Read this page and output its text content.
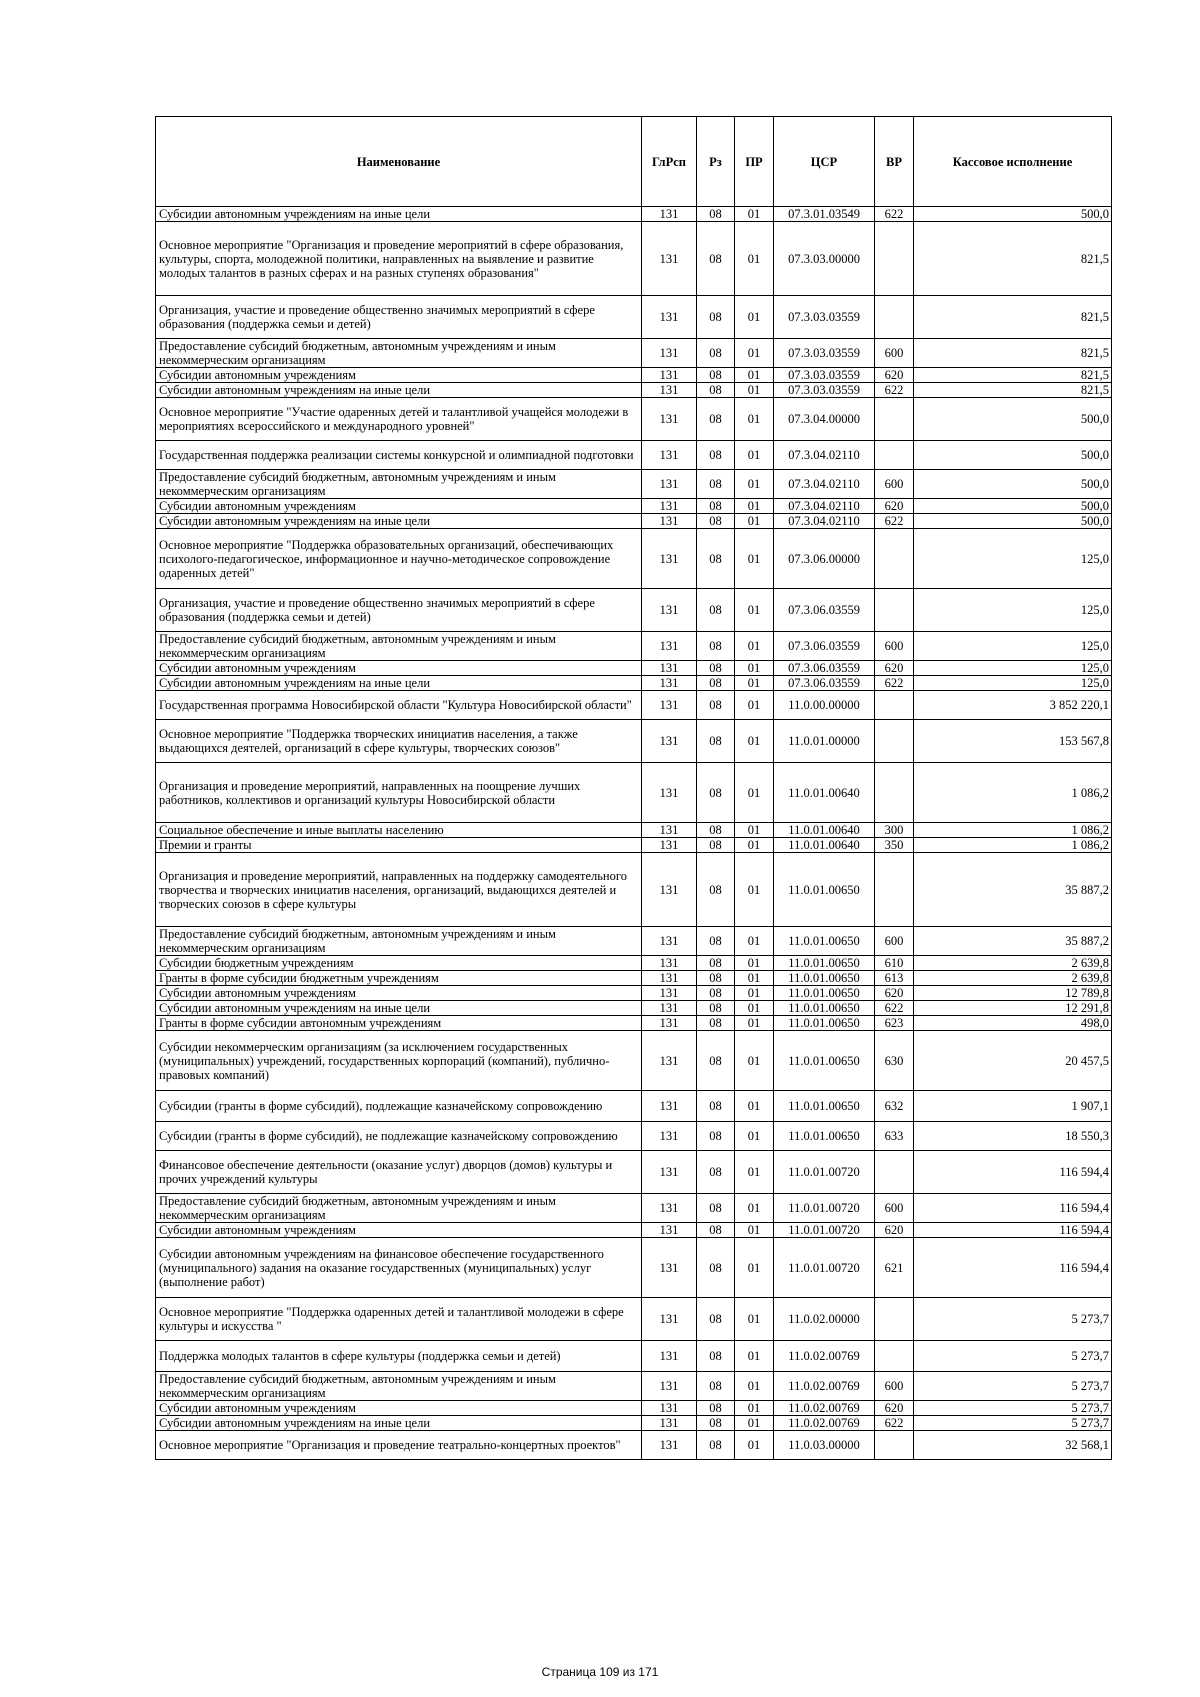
Наименование	ГлРсп	Рз	ПР	ЦСР	ВР	Кассовое исполнение
Субсидии автономным учреждениям на иные цели	131	08	01	07.3.01.03549	622	500,0
Основное мероприятие "Организация и проведение мероприятий в сфере образования, культуры, спорта, молодежной политики, направленных на выявление и развитие молодых талантов в разных сферах и на разных ступенях образования"	131	08	01	07.3.03.00000		821,5
Организация, участие и проведение общественно значимых мероприятий в сфере образования (поддержка семьи и детей)	131	08	01	07.3.03.03559		821,5
Предоставление субсидий бюджетным, автономным учреждениям и иным некоммерческим организациям	131	08	01	07.3.03.03559	600	821,5
Субсидии автономным учреждениям	131	08	01	07.3.03.03559	620	821,5
Субсидии автономным учреждениям на иные цели	131	08	01	07.3.03.03559	622	821,5
Основное мероприятие "Участие одаренных детей и талантливой учащейся молодежи в мероприятиях всероссийского и международного уровней"	131	08	01	07.3.04.00000		500,0
Государственная поддержка реализации системы конкурсной и олимпиадной подготовки	131	08	01	07.3.04.02110		500,0
Предоставление субсидий бюджетным, автономным учреждениям и иным некоммерческим организациям	131	08	01	07.3.04.02110	600	500,0
Субсидии автономным учреждениям	131	08	01	07.3.04.02110	620	500,0
Субсидии автономным учреждениям на иные цели	131	08	01	07.3.04.02110	622	500,0
Основное мероприятие "Поддержка образовательных организаций, обеспечивающих психолого-педагогическое, информационное и научно-методическое сопровождение одаренных детей"	131	08	01	07.3.06.00000		125,0
Организация, участие и проведение общественно значимых мероприятий в сфере образования (поддержка семьи и детей)	131	08	01	07.3.06.03559		125,0
Предоставление субсидий бюджетным, автономным учреждениям и иным некоммерческим организациям	131	08	01	07.3.06.03559	600	125,0
Субсидии автономным учреждениям	131	08	01	07.3.06.03559	620	125,0
Субсидии автономным учреждениям на иные цели	131	08	01	07.3.06.03559	622	125,0
Государственная программа Новосибирской области "Культура Новосибирской области"	131	08	01	11.0.00.00000		3 852 220,1
Основное мероприятие "Поддержка творческих инициатив населения, а также выдающихся деятелей, организаций в сфере культуры, творческих союзов"	131	08	01	11.0.01.00000		153 567,8
Организация и проведение мероприятий, направленных на поощрение лучших работников, коллективов и организаций культуры Новосибирской области	131	08	01	11.0.01.00640		1 086,2
Социальное обеспечение и иные выплаты населению	131	08	01	11.0.01.00640	300	1 086,2
Премии и гранты	131	08	01	11.0.01.00640	350	1 086,2
Организация и проведение мероприятий, направленных на поддержку самодеятельного творчества и творческих инициатив населения, организаций, выдающихся деятелей и творческих союзов в сфере культуры	131	08	01	11.0.01.00650		35 887,2
Предоставление субсидий бюджетным, автономным учреждениям и иным некоммерческим организациям	131	08	01	11.0.01.00650	600	35 887,2
Субсидии бюджетным учреждениям	131	08	01	11.0.01.00650	610	2 639,8
Гранты в форме субсидии бюджетным учреждениям	131	08	01	11.0.01.00650	613	2 639,8
Субсидии автономным учреждениям	131	08	01	11.0.01.00650	620	12 789,8
Субсидии автономным учреждениям на иные цели	131	08	01	11.0.01.00650	622	12 291,8
Гранты в форме субсидии автономным учреждениям	131	08	01	11.0.01.00650	623	498,0
Субсидии некоммерческим организациям (за исключением государственных (муниципальных) учреждений, государственных корпораций (компаний), публично-правовых компаний)	131	08	01	11.0.01.00650	630	20 457,5
Субсидии (гранты в форме субсидий), подлежащие казначейскому сопровождению	131	08	01	11.0.01.00650	632	1 907,1
Субсидии (гранты в форме субсидий), не подлежащие казначейскому сопровождению	131	08	01	11.0.01.00650	633	18 550,3
Финансовое обеспечение деятельности (оказание услуг) дворцов (домов) культуры и прочих учреждений культуры	131	08	01	11.0.01.00720		116 594,4
Предоставление субсидий бюджетным, автономным учреждениям и иным некоммерческим организациям	131	08	01	11.0.01.00720	600	116 594,4
Субсидии автономным учреждениям	131	08	01	11.0.01.00720	620	116 594,4
Субсидии автономным учреждениям на финансовое обеспечение государственного (муниципального) задания на оказание государственных (муниципальных) услуг (выполнение работ)	131	08	01	11.0.01.00720	621	116 594,4
Основное мероприятие "Поддержка одаренных детей и талантливой молодежи в сфере культуры и искусства "	131	08	01	11.0.02.00000		5 273,7
Поддержка молодых талантов в сфере культуры (поддержка семьи и детей)	131	08	01	11.0.02.00769		5 273,7
Предоставление субсидий бюджетным, автономным учреждениям и иным некоммерческим организациям	131	08	01	11.0.02.00769	600	5 273,7
Субсидии автономным учреждениям	131	08	01	11.0.02.00769	620	5 273,7
Субсидии автономным учреждениям на иные цели	131	08	01	11.0.02.00769	622	5 273,7
Основное мероприятие "Организация и проведение театрально-концертных проектов"	131	08	01	11.0.03.00000		32 568,1
Страница 109 из 171
